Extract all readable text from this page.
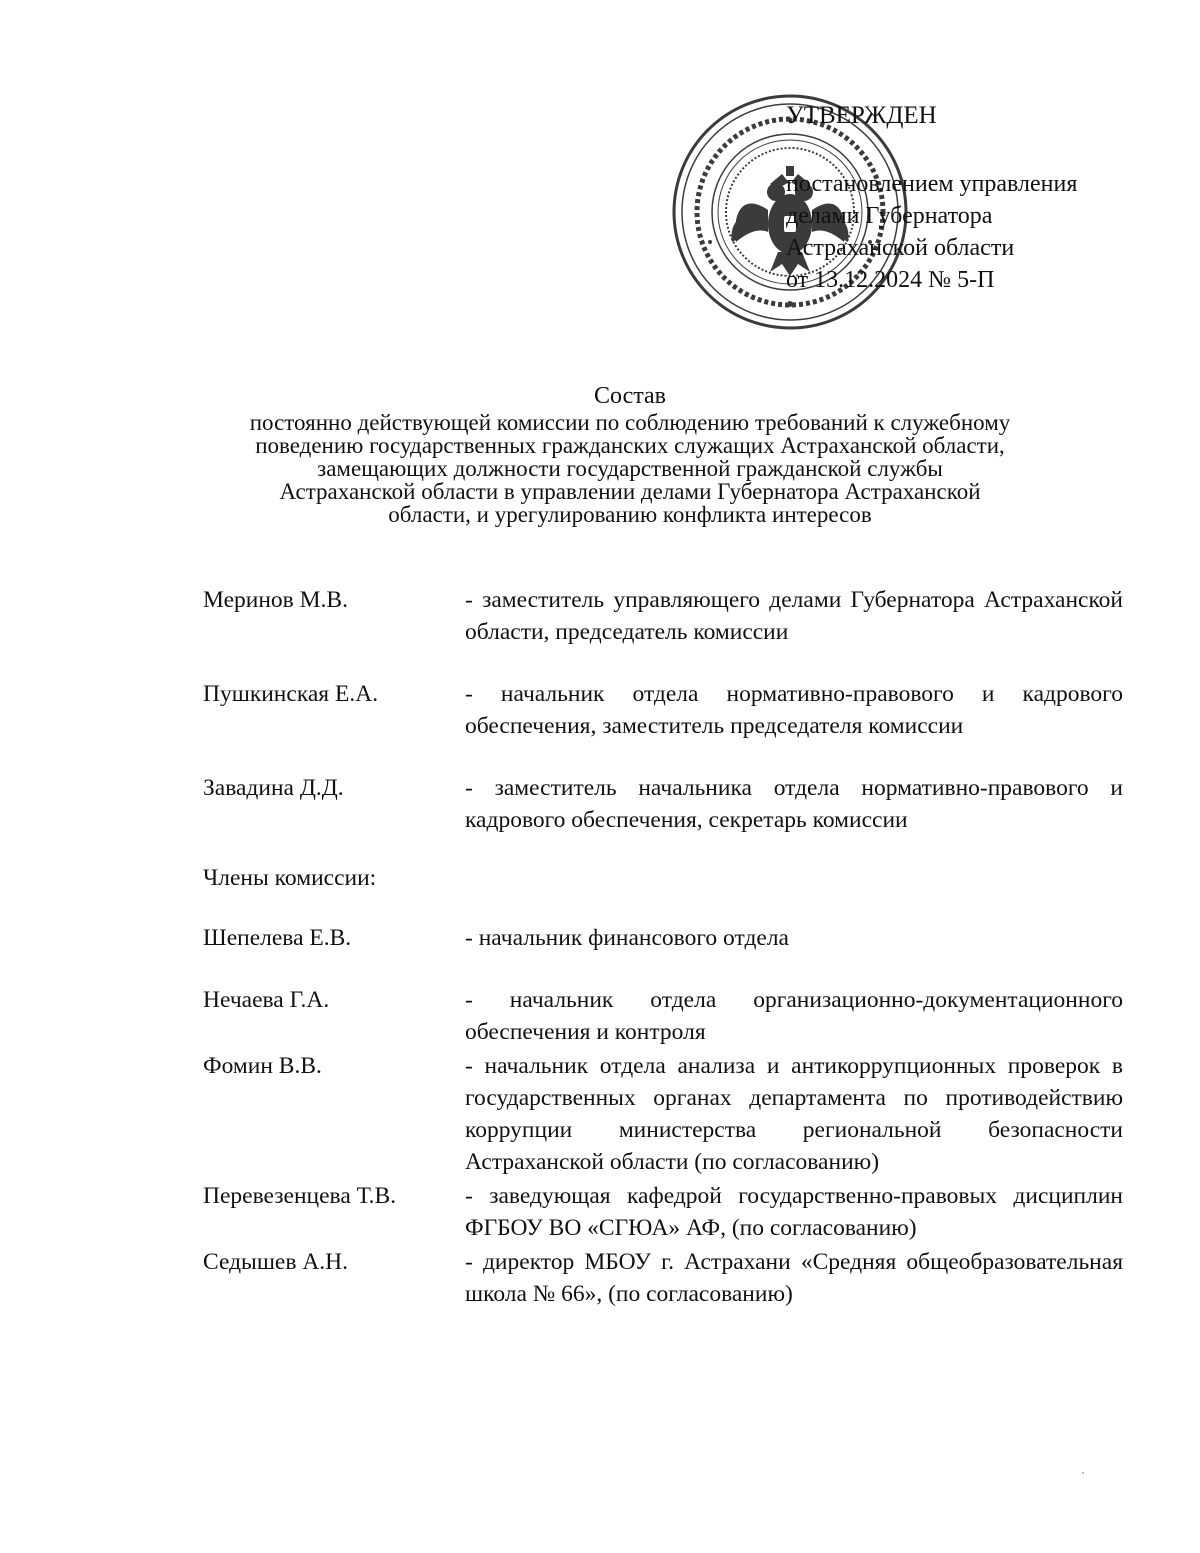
УТВЕРЖДЕН
постановлением управления
делами Губернатора
Астраханской области
от 13.12.2024 № 5-П
Состав
постоянно действующей комиссии по соблюдению требований к служебному
поведению государственных гражданских служащих Астраханской области,
замещающих должности государственной гражданской службы
Астраханской области в управлении делами Губернатора Астраханской
области, и урегулированию конфликта интересов
Меринов М.В.	- заместитель управляющего делами Губернатора Астраханской области, председатель комиссии
Пушкинская Е.А.	- начальник отдела нормативно-правового и кадрового обеспечения, заместитель председателя комиссии
Завадина Д.Д.	- заместитель начальника отдела нормативно-правового и кадрового обеспечения, секретарь комиссии
Члены комиссии:
Шепелева Е.В.	- начальник финансового отдела
Нечаева Г.А.	- начальник отдела организационно-документационного обеспечения и контроля
Фомин В.В.	- начальник отдела анализа и антикоррупционных проверок в государственных органах департамента по противодействию коррупции министерства региональной безопасности Астраханской области (по согласованию)
Перевезенцева Т.В.	- заведующая кафедрой государственно-правовых дисциплин ФГБОУ ВО «СГЮА» АФ, (по согласованию)
Седышев А.Н.	- директор МБОУ г. Астрахани «Средняя общеобразовательная школа № 66», (по согласованию)
